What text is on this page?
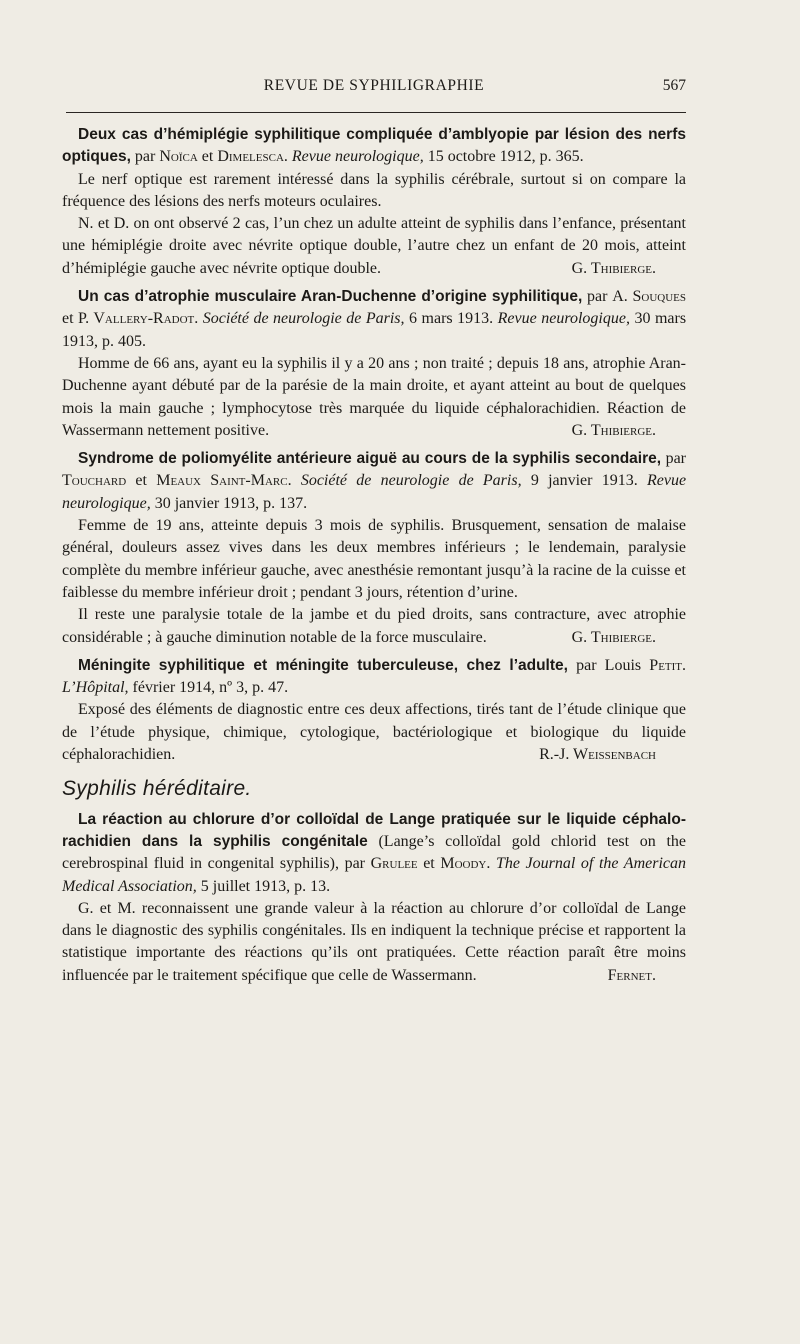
REVUE DE SYPHILIGRAPHIE	567

Deux cas d’hémiplégie syphilitique compliquée d’amblyopie par lésion des nerfs optiques, par Noïca et Dimelesca. Revue neurologique, 15 octobre 1912, p. 365.

Le nerf optique est rarement intéressé dans la syphilis cérébrale, surtout si on compare la fréquence des lésions des nerfs moteurs oculaires.

N. et D. on ont observé 2 cas, l’un chez un adulte atteint de syphilis dans l’enfance, présentant une hémiplégie droite avec névrite optique double, l’autre chez un enfant de 20 mois, atteint d’hémiplégie gauche avec névrite optique double.	G. Thibierge.

Un cas d’atrophie musculaire Aran-Duchenne d’origine syphilitique, par A. Souques et P. Vallery-Radot. Société de neurologie de Paris, 6 mars 1913. Revue neurologique, 30 mars 1913, p. 405.

Homme de 66 ans, ayant eu la syphilis il y a 20 ans ; non traité ; depuis 18 ans, atrophie Aran-Duchenne ayant débuté par de la parésie de la main droite, et ayant atteint au bout de quelques mois la main gauche ; lymphocytose très marquée du liquide céphalorachidien. Réaction de Wassermann nettement positive.	G. Thibierge.

Syndrome de poliomyélite antérieure aiguë au cours de la syphilis secondaire, par Touchard et Meaux Saint-Marc. Société de neurologie de Paris, 9 janvier 1913. Revue neurologique, 30 janvier 1913, p. 137.

Femme de 19 ans, atteinte depuis 3 mois de syphilis. Brusquement, sensation de malaise général, douleurs assez vives dans les deux membres inférieurs ; le lendemain, paralysie complète du membre inférieur gauche, avec anesthésie remontant jusqu’à la racine de la cuisse et faiblesse du membre inférieur droit ; pendant 3 jours, rétention d’urine.

Il reste une paralysie totale de la jambe et du pied droits, sans contracture, avec atrophie considérable ; à gauche diminution notable de la force musculaire.	G. Thibierge.

Méningite syphilitique et méningite tuberculeuse, chez l’adulte, par Louis Petit. L’Hôpital, février 1914, nº 3, p. 47.

Exposé des éléments de diagnostic entre ces deux affections, tirés tant de l’étude clinique que de l’étude physique, chimique, cytologique, bactériologique et biologique du liquide céphalorachidien.	R.-J. Weissenbach

Syphilis héréditaire.

La réaction au chlorure d’or colloïdal de Lange pratiquée sur le liquide céphalo-rachidien dans la syphilis congénitale (Lange’s colloïdal gold chlorid test on the cerebrospinal fluid in congenital syphilis), par Grulee et Moody. The Journal of the American Medical Association, 5 juillet 1913, p. 13.

G. et M. reconnaissent une grande valeur à la réaction au chlorure d’or colloïdal de Lange dans le diagnostic des syphilis congénitales. Ils en indiquent la technique précise et rapportent la statistique importante des réactions qu’ils ont pratiquées. Cette réaction paraît être moins influencée par le traitement spécifique que celle de Wassermann.	Fernet.
